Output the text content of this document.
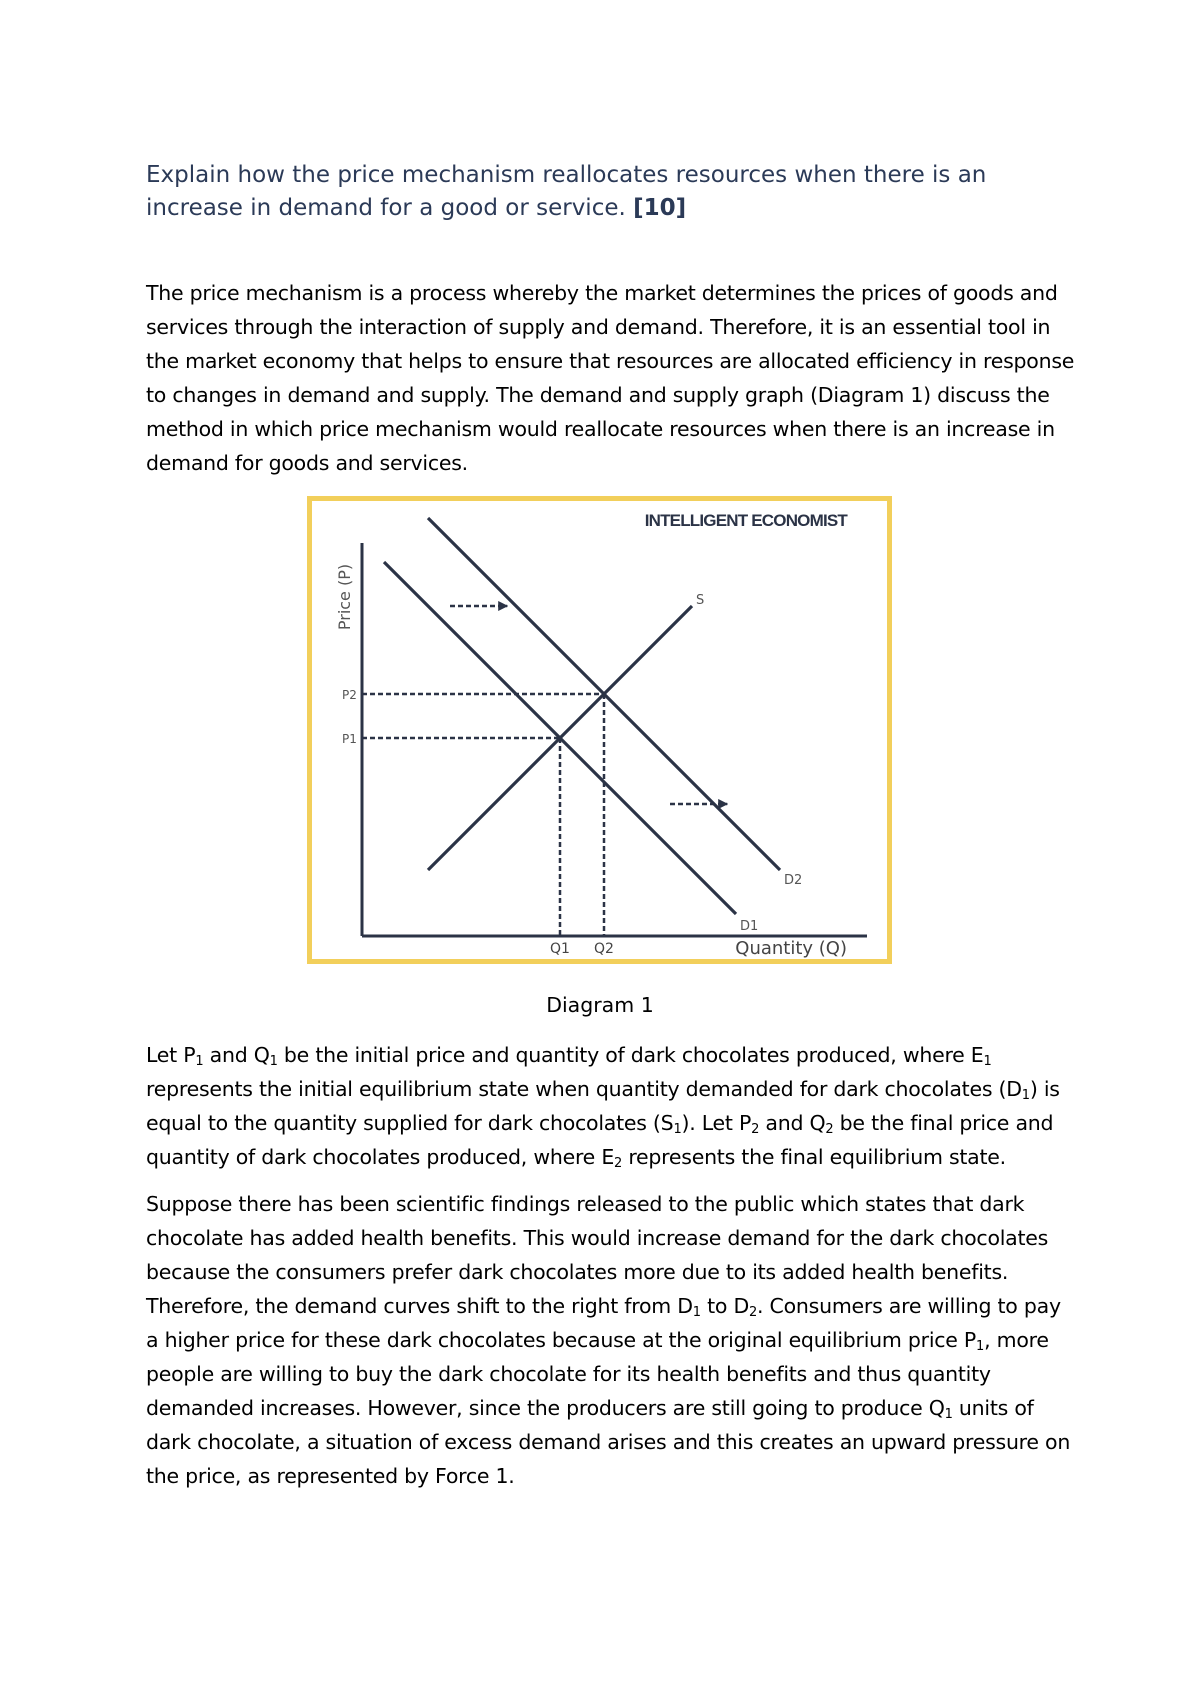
Explain how the price mechanism reallocates resources when there is an increase in demand for a good or service. [10]

The price mechanism is a process whereby the market determines the prices of goods and services through the interaction of supply and demand. Therefore, it is an essential tool in the market economy that helps to ensure that resources are allocated efficiency in response to changes in demand and supply. The demand and supply graph (Diagram 1) discuss the method in which price mechanism would reallocate resources when there is an increase in demand for goods and services.

INTELLIGENT ECONOMIST
Price (P)
Quantity (Q)
P1
Q1
P2
Q2
S
D1
D2
Diagram 1

Let $P_1$ and $Q_1$ be the initial price and quantity of dark chocolates produced, where $E_1$ represents the initial equilibrium state when quantity demanded for dark chocolates $(D_1)$ is equal to the quantity supplied for dark chocolates $(S_1)$. Let $P_2$ and $Q_2$ be the final price and quantity of dark chocolates produced, where $E_2$ represents the final equilibrium state.

Suppose there has been scientific findings released to the public which states that dark chocolate has added health benefits. This would increase demand for the dark chocolates because the consumers prefer dark chocolates more due to its added health benefits. Therefore, the demand curves shift to the right from $D_1$ to $D_2$. Consumers are willing to pay a higher price for these dark chocolates because at the original equilibrium price $P_1$, more people are willing to buy the dark chocolate for its health benefits and thus quantity demanded increases. However, since the producers are still going to produce $Q_1$ units of dark chocolate, a situation of excess demand arises and this creates an upward pressure on the price, as represented by Force 1.
